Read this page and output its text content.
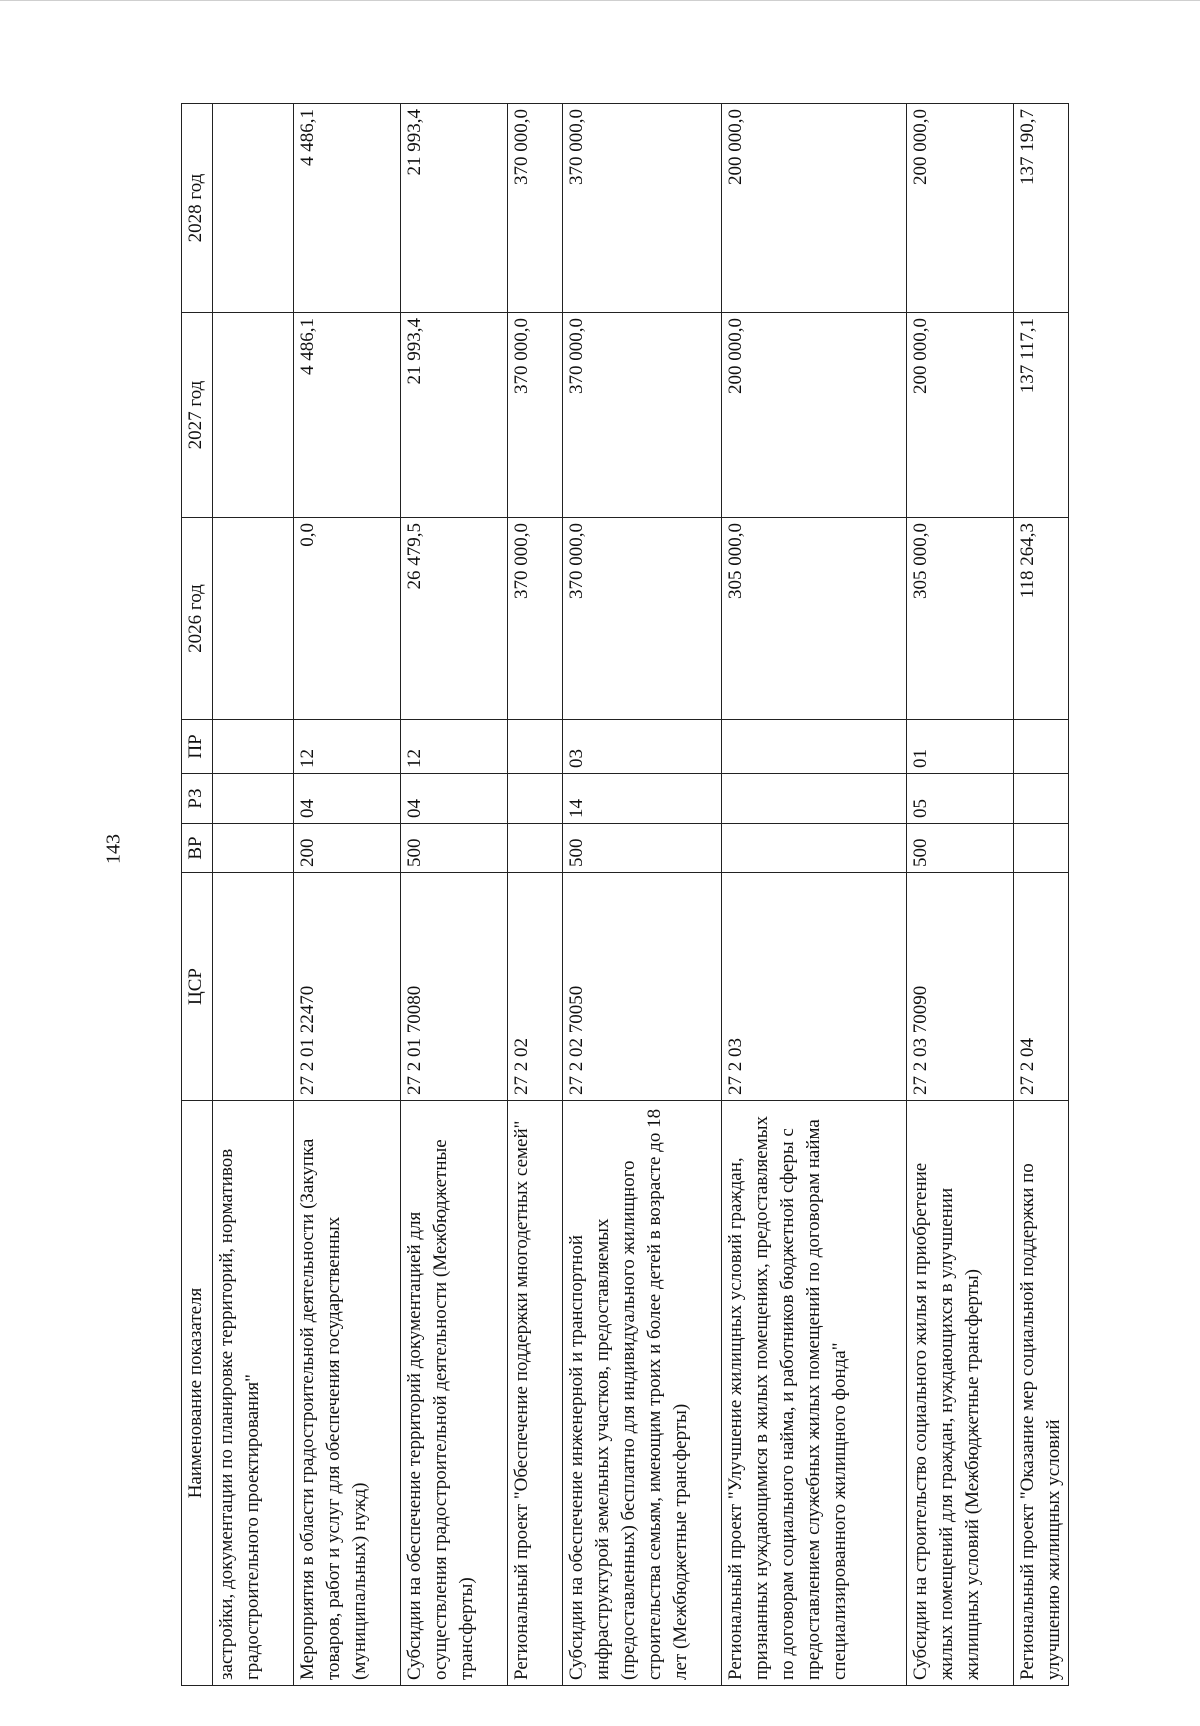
143
Наименование показателя	ЦСР	ВР	РЗ	ПР	2026 год	2027 год	2028 год
застройки, документации по планировке территорий, нормативов градостроительного проектирования"							
Мероприятия в области градостроительной деятельности (Закупка товаров, работ и услуг для обеспечения государственных (муниципальных) нужд)	27 2 01 22470	200	04	12	0,0	4 486,1	4 486,1
Субсидии на обеспечение территорий документацией для осуществления градостроительной деятельности (Межбюджетные трансферты)	27 2 01 70080	500	04	12	26 479,5	21 993,4	21 993,4
Региональный проект "Обеспечение поддержки многодетных семей"	27 2 02				370 000,0	370 000,0	370 000,0
Субсидии на обеспечение инженерной и транспортной инфраструктурой земельных участков, предоставляемых (предоставленных) бесплатно для индивидуального жилищного строительства семьям, имеющим троих и более детей в возрасте до 18 лет (Межбюджетные трансферты)	27 2 02 70050	500	14	03	370 000,0	370 000,0	370 000,0
Региональный проект "Улучшение жилищных условий граждан, признанных нуждающимися в жилых помещениях, предоставляемых по договорам социального найма, и работников бюджетной сферы с предоставлением служебных жилых помещений по договорам найма специализированного жилищного фонда"	27 2 03				305 000,0	200 000,0	200 000,0
Субсидии на строительство социального жилья и приобретение жилых помещений для граждан, нуждающихся в улучшении жилищных условий (Межбюджетные трансферты)	27 2 03 70090	500	05	01	305 000,0	200 000,0	200 000,0
Региональный проект "Оказание мер социальной поддержки по улучшению жилищных условий	27 2 04				118 264,3	137 117,1	137 190,7
